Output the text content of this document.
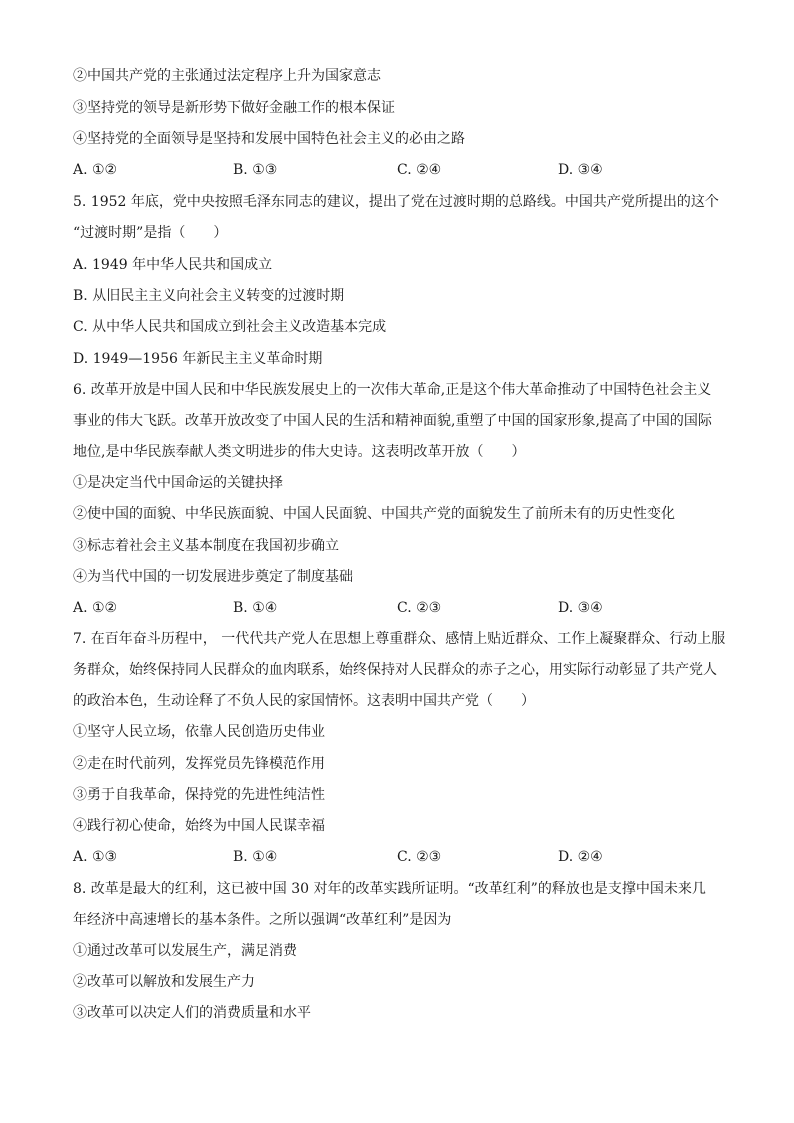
②中国共产党的主张通过法定程序上升为国家意志
③坚持党的领导是新形势下做好金融工作的根本保证
④坚持党的全面领导是坚持和发展中国特色社会主义的必由之路
A. ①②	B. ①③	C. ②④	D. ③④
5. 1952 年底，党中央按照毛泽东同志的建议，提出了党在过渡时期的总路线。中国共产党所提出的这个
“过渡时期”是指（　　）
A. 1949 年中华人民共和国成立
B. 从旧民主主义向社会主义转变的过渡时期
C. 从中华人民共和国成立到社会主义改造基本完成
D. 1949—1956 年新民主主义革命时期
6. 改革开放是中国人民和中华民族发展史上的一次伟大革命,正是这个伟大革命推动了中国特色社会主义
事业的伟大飞跃。改革开放改变了中国人民的生活和精神面貌,重塑了中国的国家形象,提高了中国的国际
地位,是中华民族奉献人类文明进步的伟大史诗。这表明改革开放（　　）
①是决定当代中国命运的关键抉择
②使中国的面貌、中华民族面貌、中国人民面貌、中国共产党的面貌发生了前所未有的历史性变化
③标志着社会主义基本制度在我国初步确立
④为当代中国的一切发展进步奠定了制度基础
A. ①②	B. ①④	C. ②③	D. ③④
7. 在百年奋斗历程中， 一代代共产党人在思想上尊重群众、感情上贴近群众、工作上凝聚群众、行动上服
务群众，始终保持同人民群众的血肉联系，始终保持对人民群众的赤子之心，用实际行动彰显了共产党人
的政治本色，生动诠释了不负人民的家国情怀。这表明中国共产党（　　）
①坚守人民立场，依靠人民创造历史伟业
②走在时代前列，发挥党员先锋模范作用
③勇于自我革命，保持党的先进性纯洁性
④践行初心使命，始终为中国人民谋幸福
A. ①③	B. ①④	C. ②③	D. ②④
8. 改革是最大的红利，这已被中国 30 对年的改革实践所证明。“改革红利”的释放也是支撑中国未来几
年经济中高速增长的基本条件。之所以强调“改革红利”是因为
①通过改革可以发展生产，满足消费
②改革可以解放和发展生产力
③改革可以决定人们的消费质量和水平
